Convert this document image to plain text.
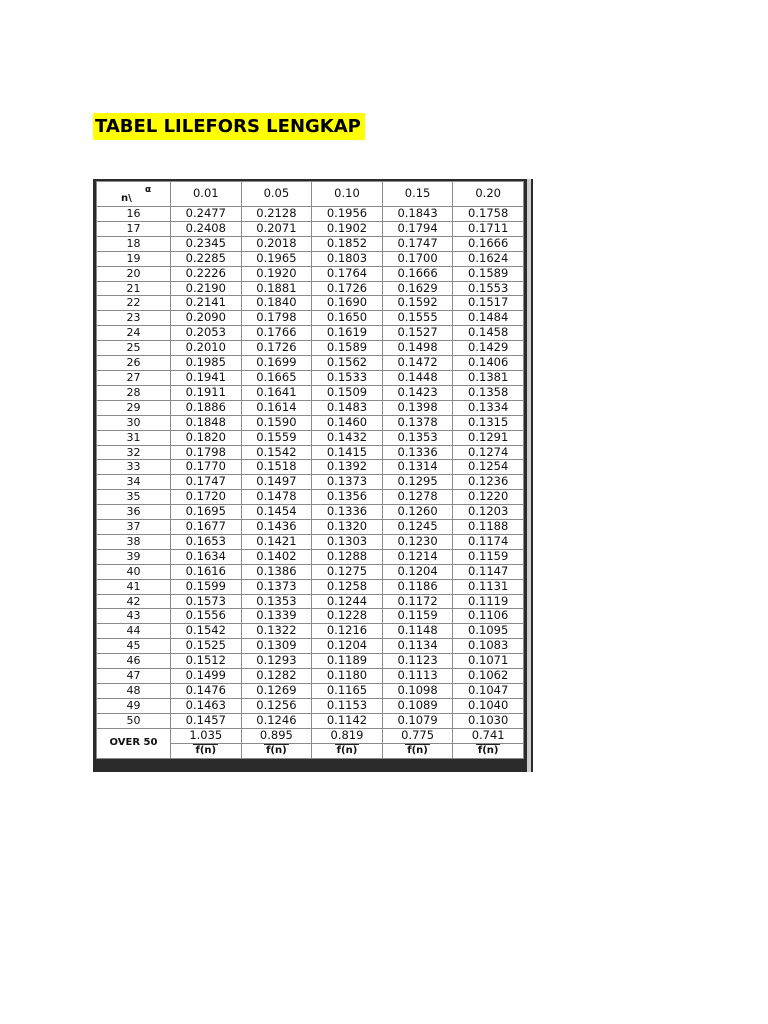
TABEL LILEFORS LENGKAP
n\
α	0.01	0.05	0.10	0.15	0.20
16	0.2477	0.2128	0.1956	0.1843	0.1758
17	0.2408	0.2071	0.1902	0.1794	0.1711
18	0.2345	0.2018	0.1852	0.1747	0.1666
19	0.2285	0.1965	0.1803	0.1700	0.1624
20	0.2226	0.1920	0.1764	0.1666	0.1589
21	0.2190	0.1881	0.1726	0.1629	0.1553
22	0.2141	0.1840	0.1690	0.1592	0.1517
23	0.2090	0.1798	0.1650	0.1555	0.1484
24	0.2053	0.1766	0.1619	0.1527	0.1458
25	0.2010	0.1726	0.1589	0.1498	0.1429
26	0.1985	0.1699	0.1562	0.1472	0.1406
27	0.1941	0.1665	0.1533	0.1448	0.1381
28	0.1911	0.1641	0.1509	0.1423	0.1358
29	0.1886	0.1614	0.1483	0.1398	0.1334
30	0.1848	0.1590	0.1460	0.1378	0.1315
31	0.1820	0.1559	0.1432	0.1353	0.1291
32	0.1798	0.1542	0.1415	0.1336	0.1274
33	0.1770	0.1518	0.1392	0.1314	0.1254
34	0.1747	0.1497	0.1373	0.1295	0.1236
35	0.1720	0.1478	0.1356	0.1278	0.1220
36	0.1695	0.1454	0.1336	0.1260	0.1203
37	0.1677	0.1436	0.1320	0.1245	0.1188
38	0.1653	0.1421	0.1303	0.1230	0.1174
39	0.1634	0.1402	0.1288	0.1214	0.1159
40	0.1616	0.1386	0.1275	0.1204	0.1147
41	0.1599	0.1373	0.1258	0.1186	0.1131
42	0.1573	0.1353	0.1244	0.1172	0.1119
43	0.1556	0.1339	0.1228	0.1159	0.1106
44	0.1542	0.1322	0.1216	0.1148	0.1095
45	0.1525	0.1309	0.1204	0.1134	0.1083
46	0.1512	0.1293	0.1189	0.1123	0.1071
47	0.1499	0.1282	0.1180	0.1113	0.1062
48	0.1476	0.1269	0.1165	0.1098	0.1047
49	0.1463	0.1256	0.1153	0.1089	0.1040
50	0.1457	0.1246	0.1142	0.1079	0.1030
OVER 50	1.035	0.895	0.819	0.775	0.741
	f(n)	f(n)	f(n)	f(n)	f(n)
